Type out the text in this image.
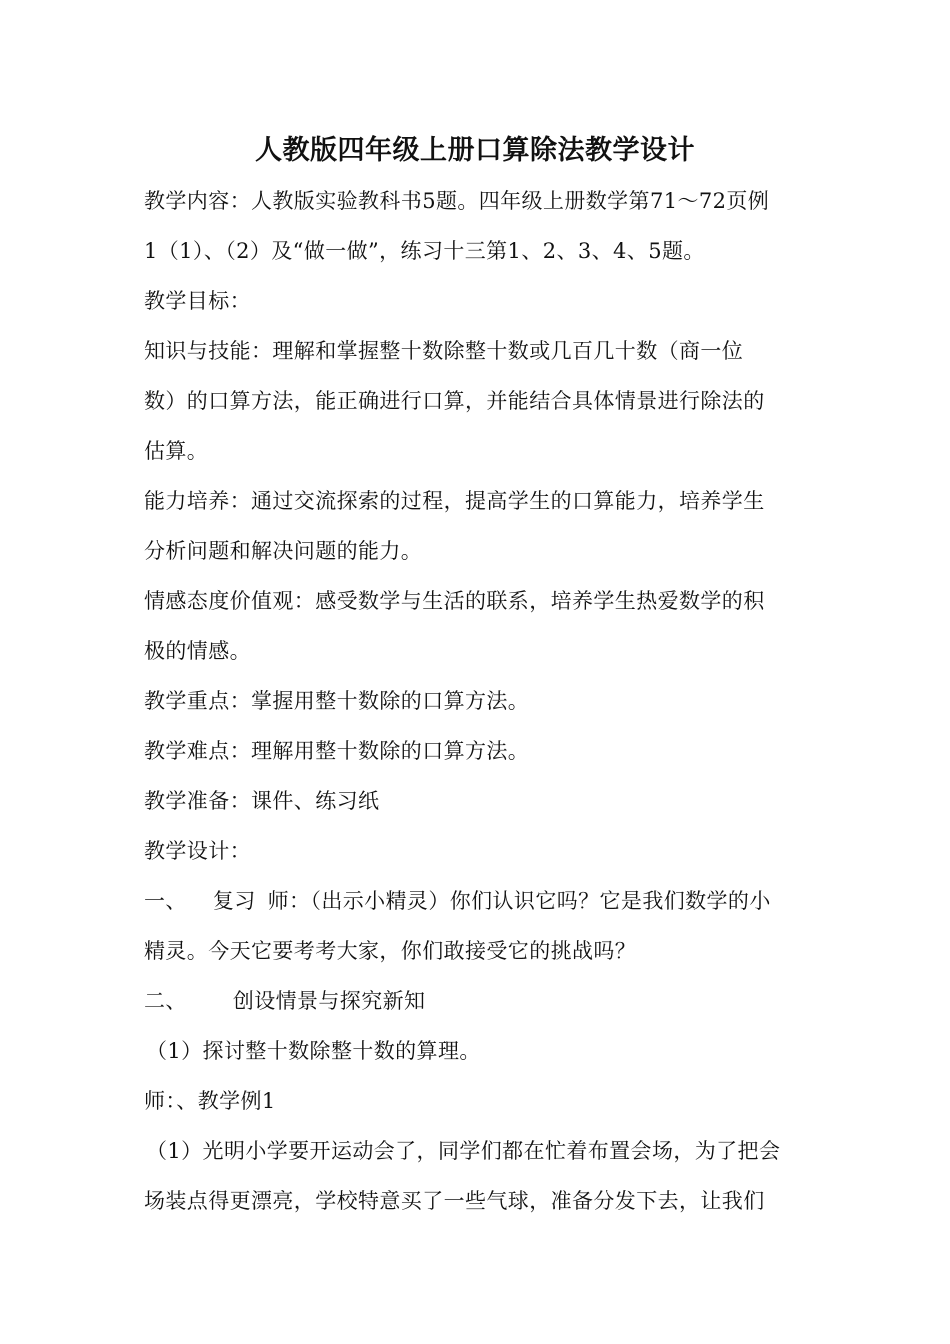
人教版四年级上册口算除法教学设计
教学内容：人教版实验教科书5题。四年级上册数学第71～72页例
1（1）、（2）及“做一做”，练习十三第1、2、3、4、5题。
教学目标：
知识与技能：理解和掌握整十数除整十数或几百几十数（商一位
数）的口算方法，能正确进行口算，并能结合具体情景进行除法的
估算。
能力培养：通过交流探索的过程，提高学生的口算能力，培养学生
分析问题和解决问题的能力。
情感态度价值观：感受数学与生活的联系，培养学生热爱数学的积
极的情感。
教学重点：掌握用整十数除的口算方法。
教学难点：理解用整十数除的口算方法。
教学准备：课件、练习纸
教学设计：
一、 复习 师：（出示小精灵）你们认识它吗？它是我们数学的小
精灵。今天它要考考大家，你们敢接受它的挑战吗？
二、 创设情景与探究新知
（1）探讨整十数除整十数的算理。
师：、教学例1
（1）光明小学要开运动会了，同学们都在忙着布置会场，为了把会
场装点得更漂亮，学校特意买了一些气球，准备分发下去，让我们
